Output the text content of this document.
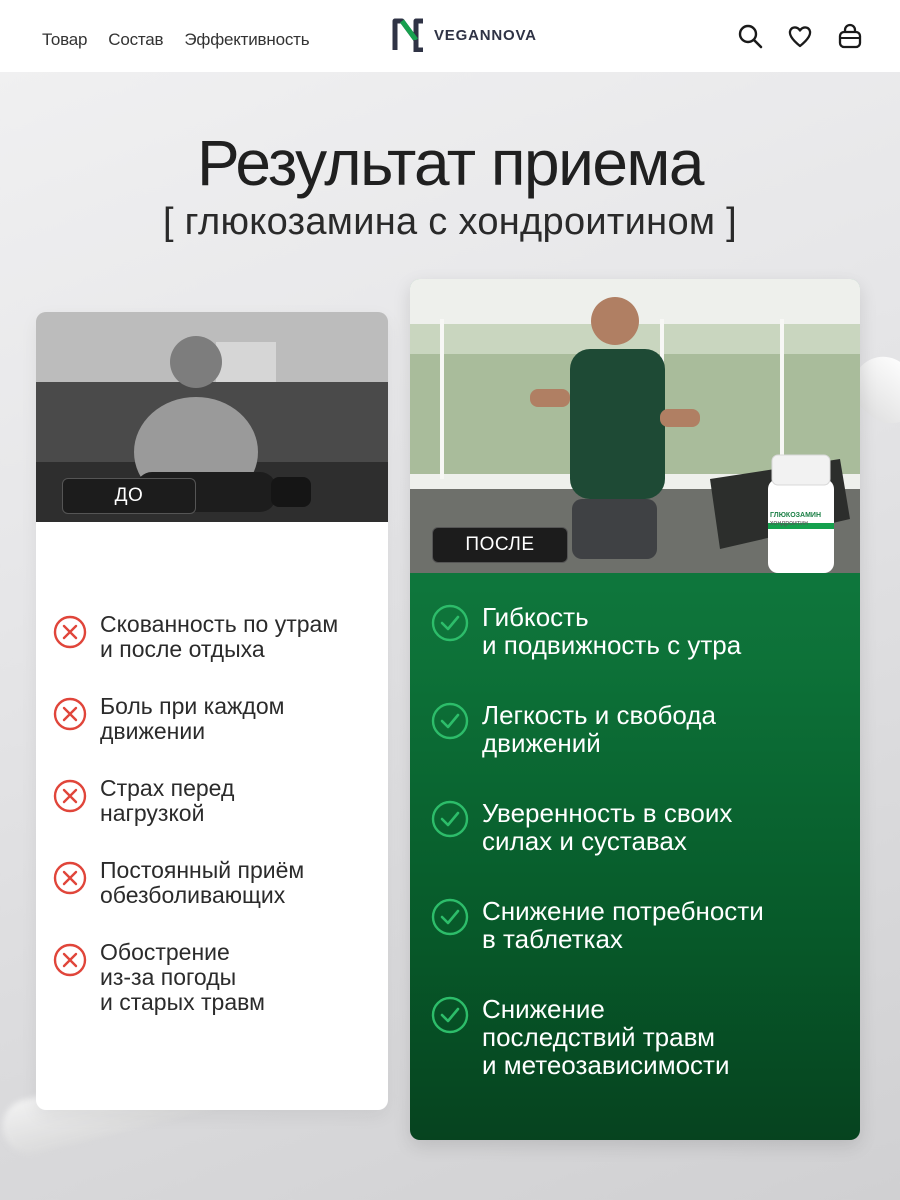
Товар Состав Эффективность	VEGANNOVA
Результат приема
[ глюкозамина с хондроитином ]
ДО
Скованность по утрам
и после отдыха
Боль при каждом
движении
Страх перед
нагрузкой
Постоянный приём
обезболивающих
Обострение
из-за погоды
и старых травм
ПОСЛЕ
Гибкость
и подвижность с утра
Легкость и свобода
движений
Уверенность в своих
силах и суставах
Снижение потребности
в таблетках
Снижение
последствий травм
и метеозависимости
ГЛЮКОЗАМИН
хондроитин
